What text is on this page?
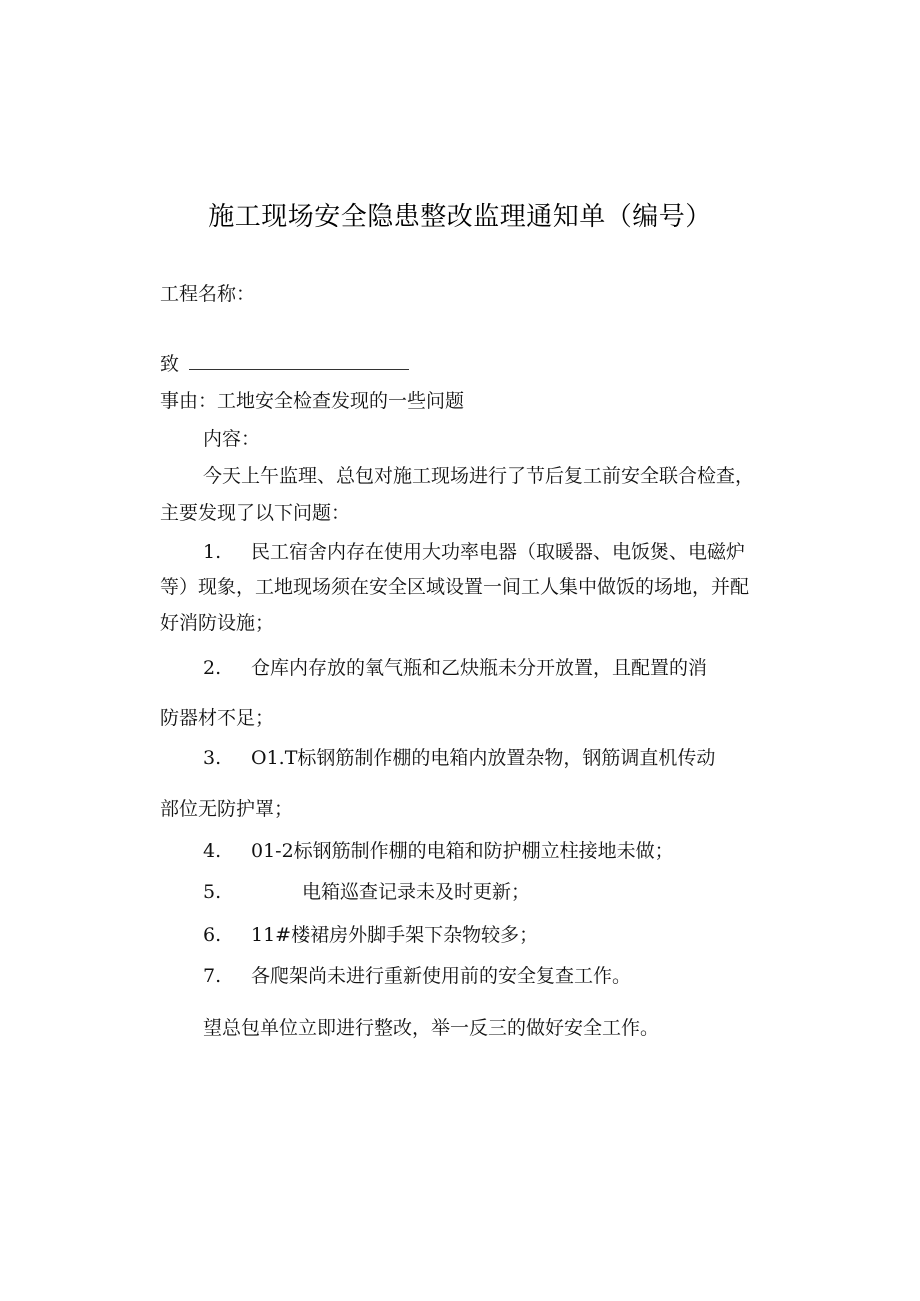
施工现场安全隐患整改监理通知单（编号）
工程名称：
致
事由：工地安全检查发现的一些问题
内容：
今天上午监理、总包对施工现场进行了节后复工前安全联合检查，
主要发现了以下问题：
1. 民工宿舍内存在使用大功率电器（取暖器、电饭煲、电磁炉
等）现象，工地现场须在安全区域设置一间工人集中做饭的场地，并配
好消防设施；
2. 仓库内存放的氧气瓶和乙炔瓶未分开放置，且配置的消
防器材不足；
3. O1.T标钢筋制作棚的电箱内放置杂物，钢筋调直机传动
部位无防护罩；
4. 01-2标钢筋制作棚的电箱和防护棚立柱接地未做；
5.	电箱巡查记录未及时更新；
6. 11#楼裙房外脚手架下杂物较多；
7. 各爬架尚未进行重新使用前的安全复查工作。
望总包单位立即进行整改，举一反三的做好安全工作。
